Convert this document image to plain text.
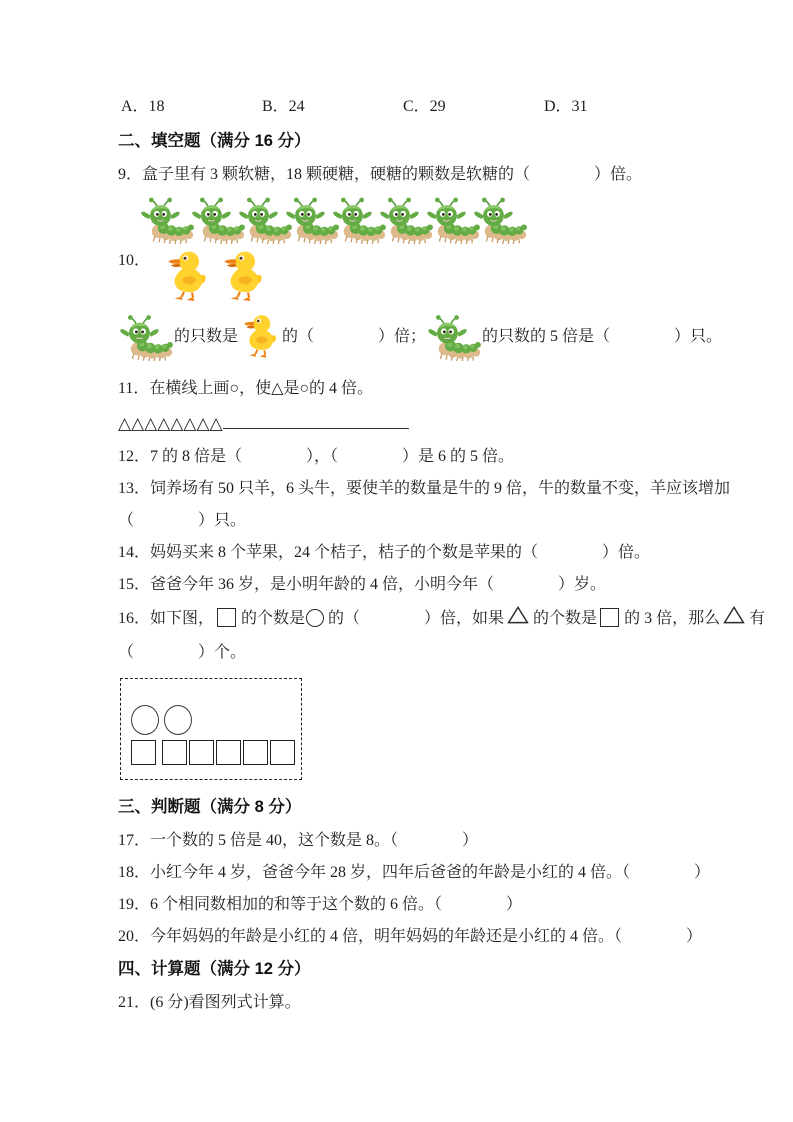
A．18	B．24	C．29	D．31
二、填空题（满分 16 分）

9．盒子里有 3 颗软糖，18 颗硬糖，硬糖的颗数是软糖的（　　　　）倍。

10．

的只数是	的（　　　　）倍；	的只数的 5 倍是（　　　　）只。

11．在横线上画○，使△是○的 4 倍。

△△△△△△△△

12．7 的 8 倍是（　　　　），（　　　　）是 6 的 5 倍。

13．饲养场有 50 只羊，6 头牛，要使羊的数量是牛的 9 倍，牛的数量不变，羊应该增加

（　　　　）只。

14．妈妈买来 8 个苹果，24 个桔子，桔子的个数是苹果的（　　　　）倍。

15．爸爸今年 36 岁，是小明年龄的 4 倍，小明今年（　　　　）岁。

16．如下图， 的个数是 的（　　　　）倍，如果 的个数是 的 3 倍，那么 有

（　　　　）个。

三、判断题（满分 8 分）

17．一个数的 5 倍是 40，这个数是 8。（　　　　）

18．小红今年 4 岁，爸爸今年 28 岁，四年后爸爸的年龄是小红的 4 倍。（　　　　）

19．6 个相同数相加的和等于这个数的 6 倍。（　　　　）

20．今年妈妈的年龄是小红的 4 倍，明年妈妈的年龄还是小红的 4 倍。（　　　　）

四、计算题（满分 12 分）

21．(6 分)看图列式计算。
